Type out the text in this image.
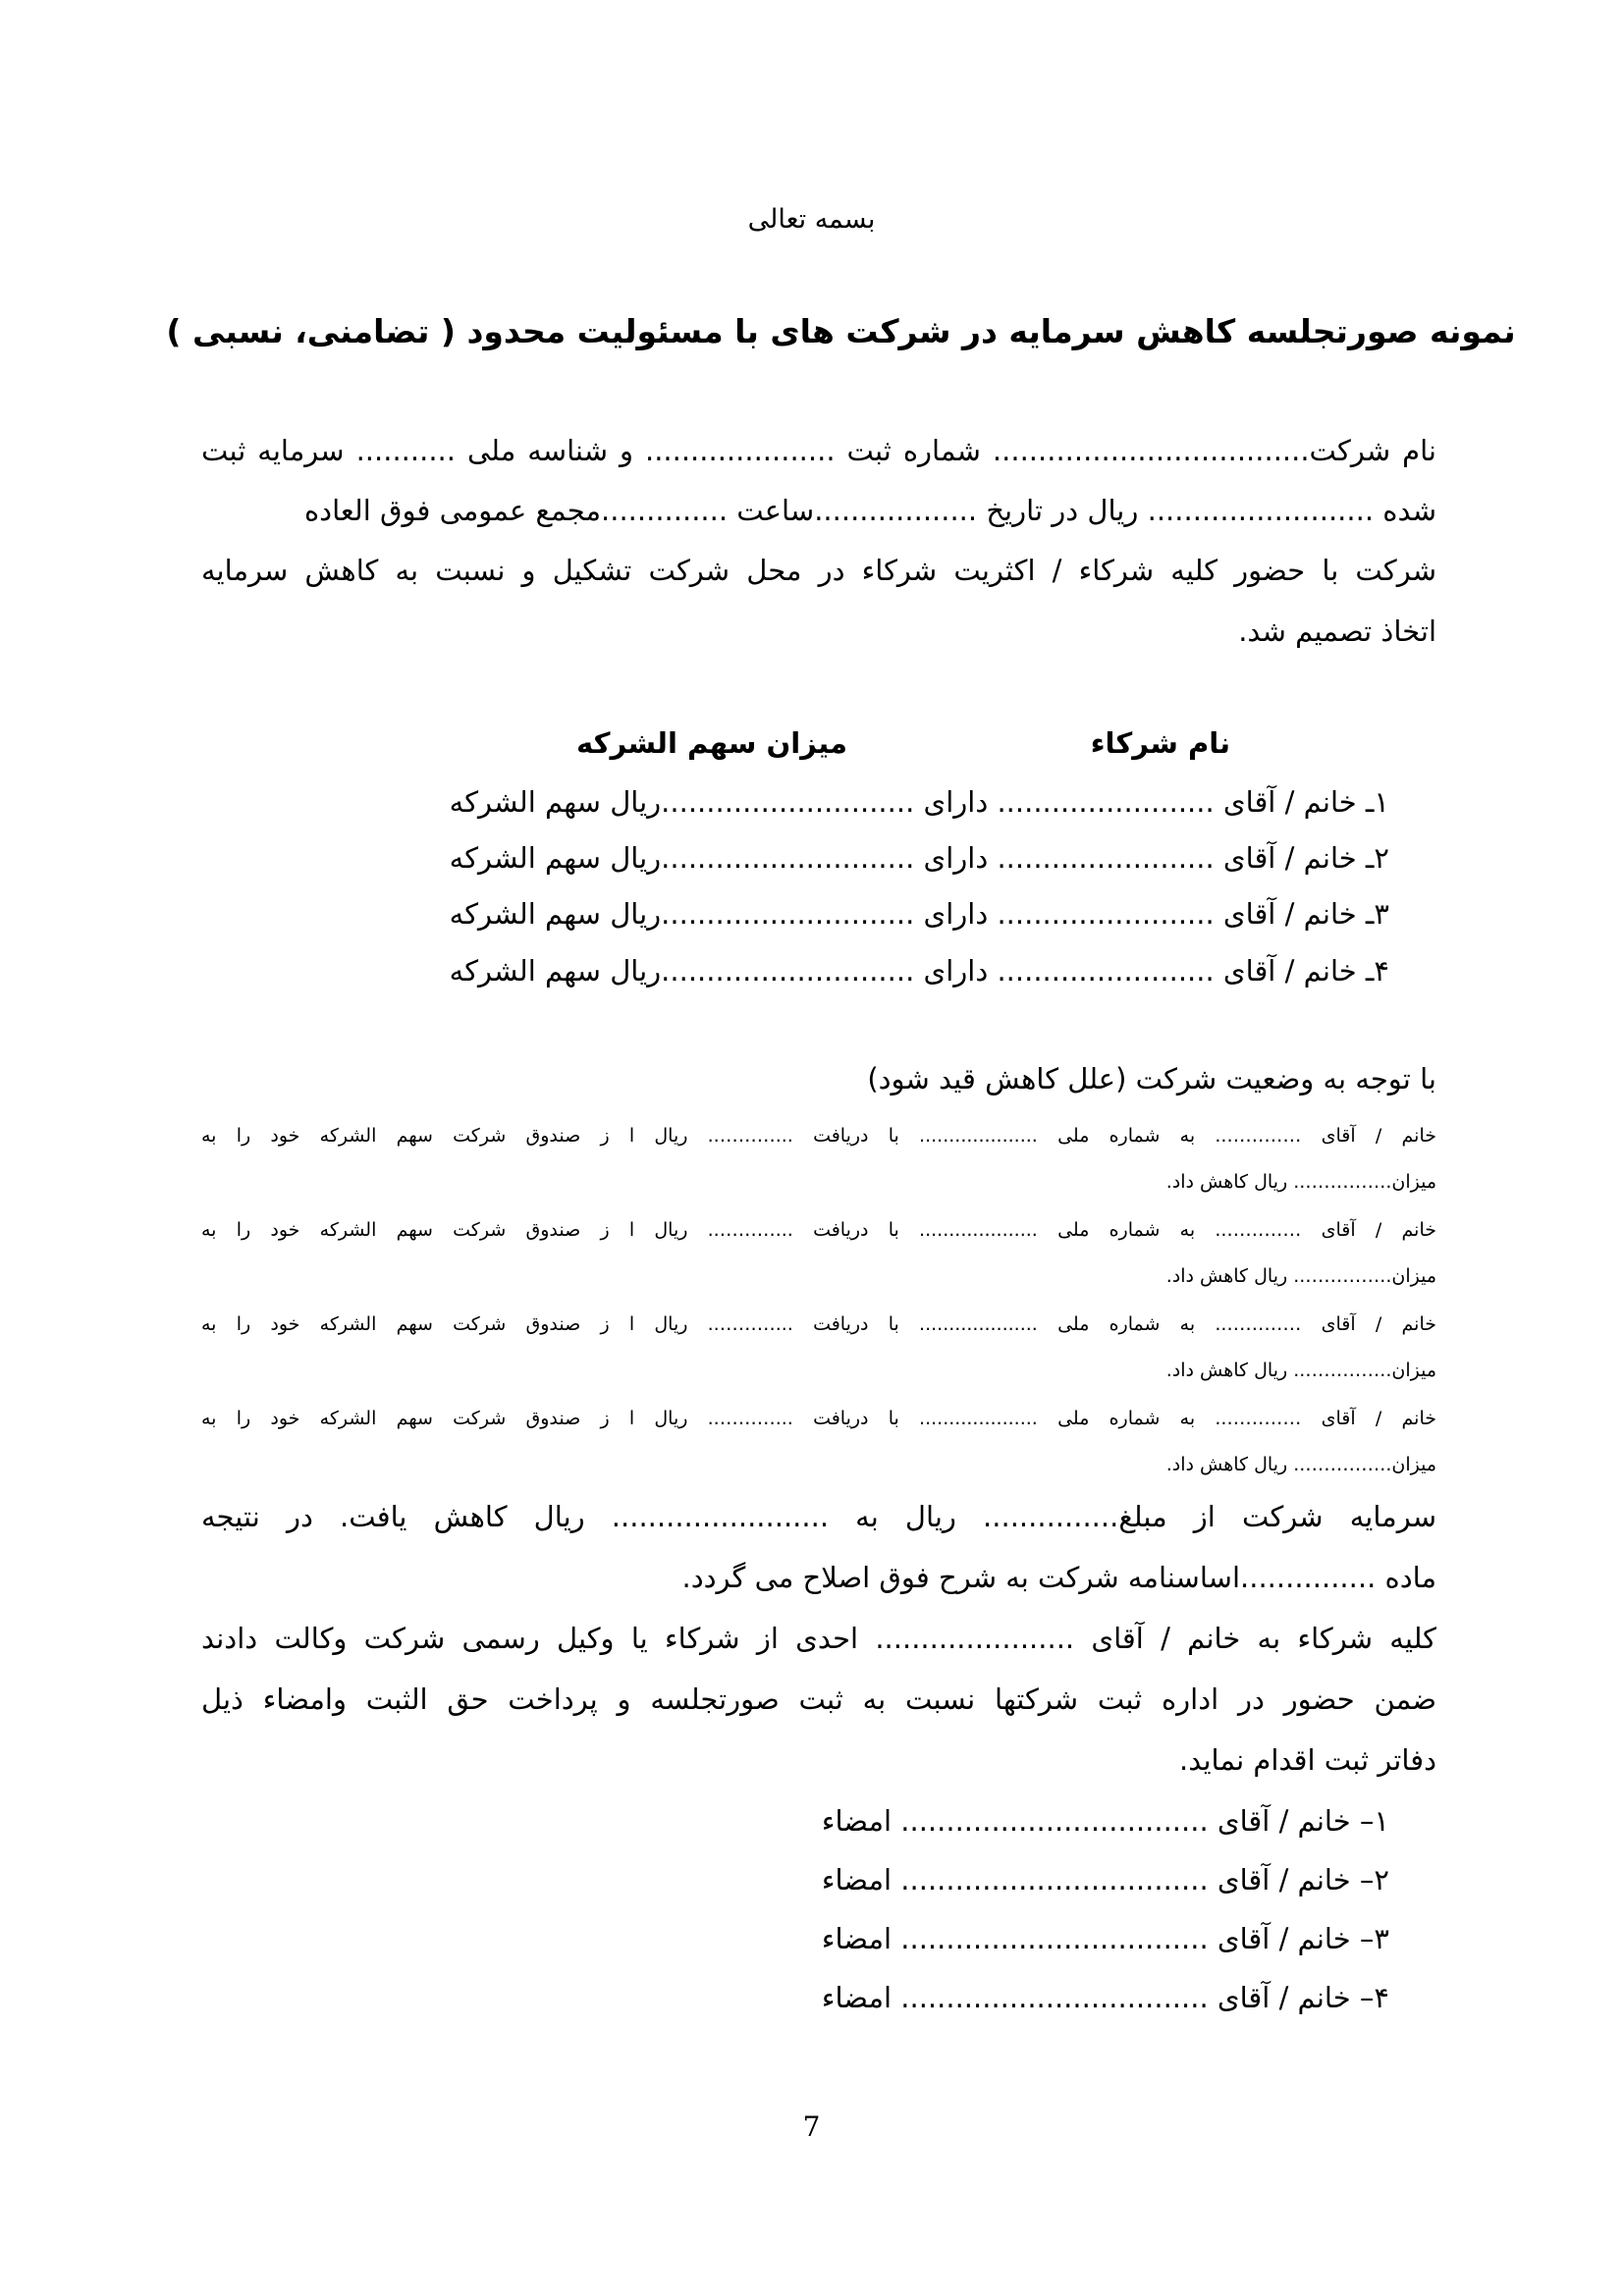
بسمه تعالی
نمونه صورتجلسه کاهش سرمایه در شرکت های با مسئولیت محدود ( تضامنی، نسبی )
نام شرکت................................... شماره ثبت ..................... و شناسه ملی ........... سرمایه ثبت
شده ......................... ریال در تاریخ ..................ساعت ..............مجمع عمومی فوق العاده
شرکت با حضور کلیه شرکاء / اکثریت شرکاء در محل شرکت تشکیل و نسبت به کاهش سرمایه
اتخاذ تصمیم شد.
نام شرکاء
میزان سهم الشرکه
۱ـ خانم / آقای ........................ دارای ............................ریال سهم الشرکه
۲ـ خانم / آقای ........................ دارای ............................ریال سهم الشرکه
۳ـ خانم / آقای ........................ دارای ............................ریال سهم الشرکه
۴ـ خانم / آقای ........................ دارای ............................ریال سهم الشرکه
با توجه به وضعیت شرکت (علل کاهش قید شود)
خانم / آقای ………….. به شماره ملی .................... با دریافت ...……….. ریال ا ز صندوق شرکت سهم الشرکه خود را به
میزان..………….. ریال کاهش داد.
خانم / آقای ………….. به شماره ملی .................... با دریافت ...……….. ریال ا ز صندوق شرکت سهم الشرکه خود را به
میزان..………….. ریال کاهش داد.
خانم / آقای ………….. به شماره ملی .................... با دریافت ...……….. ریال ا ز صندوق شرکت سهم الشرکه خود را به
میزان..………….. ریال کاهش داد.
خانم / آقای ………….. به شماره ملی .................... با دریافت ...……….. ریال ا ز صندوق شرکت سهم الشرکه خود را به
میزان..………….. ریال کاهش داد.
سرمایه شرکت از مبلغ............... ریال به ........................ ریال کاهش یافت. در نتیجه
ماده ...............اساسنامه شرکت به شرح فوق اصلاح می گردد.
کلیه شرکاء به خانم / آقای ...................... احدی از شرکاء یا وکیل رسمی شرکت وکالت دادند
ضمن حضور در اداره ثبت شرکتها نسبت به ثبت صورتجلسه و پرداخت حق الثبت وامضاء ذیل
دفاتر ثبت اقدام نماید.
۱– خانم / آقای .................................. امضاء
۲– خانم / آقای .................................. امضاء
۳– خانم / آقای .................................. امضاء
۴– خانم / آقای .................................. امضاء
7
